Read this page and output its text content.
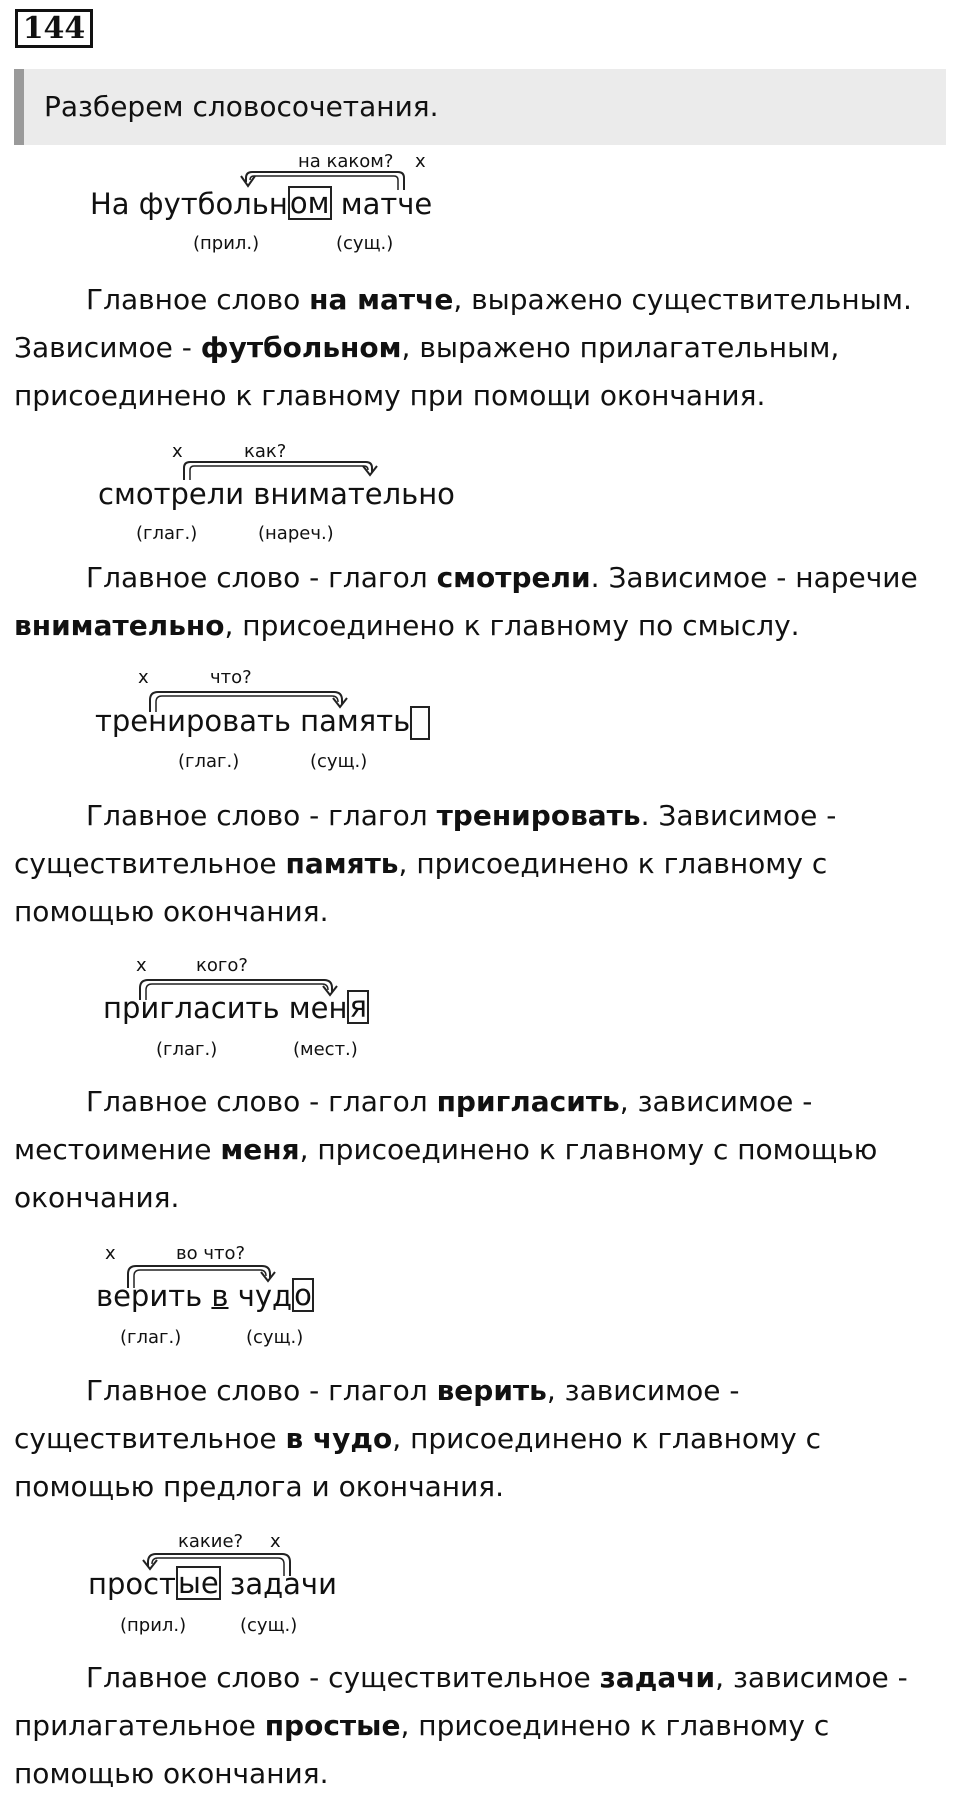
144
Разберем словосочетания.
на каком? x
На футбольном матче
(прил.)	(сущ.)
Главное слово на матче, выражено существительным. Зависимое - футбольном, выражено прилагательным, присоединено к главному при помощи окончания.
x	как?
смотрели внимательно
(глаг.)	(нареч.)
Главное слово - глагол смотрели. Зависимое - наречие внимательно, присоединено к главному по смыслу.
x	что?
тренировать память
(глаг.)	(сущ.)
Главное слово - глагол тренировать. Зависимое - существительное память, присоединено к главному с помощью окончания.
x	кого?
пригласить меня
(глаг.)	(мест.)
Главное слово - глагол пригласить, зависимое - местоимение меня, присоединено к главному с помощью окончания.
x	во что?
верить в чудо
(глаг.)	(сущ.)
Главное слово - глагол верить, зависимое - существительное в чудо, присоединено к главному с помощью предлога и окончания.
какие? x
простые задачи
(прил.)	(сущ.)
Главное слово - существительное задачи, зависимое - прилагательное простые, присоединено к главному с помощью окончания.
